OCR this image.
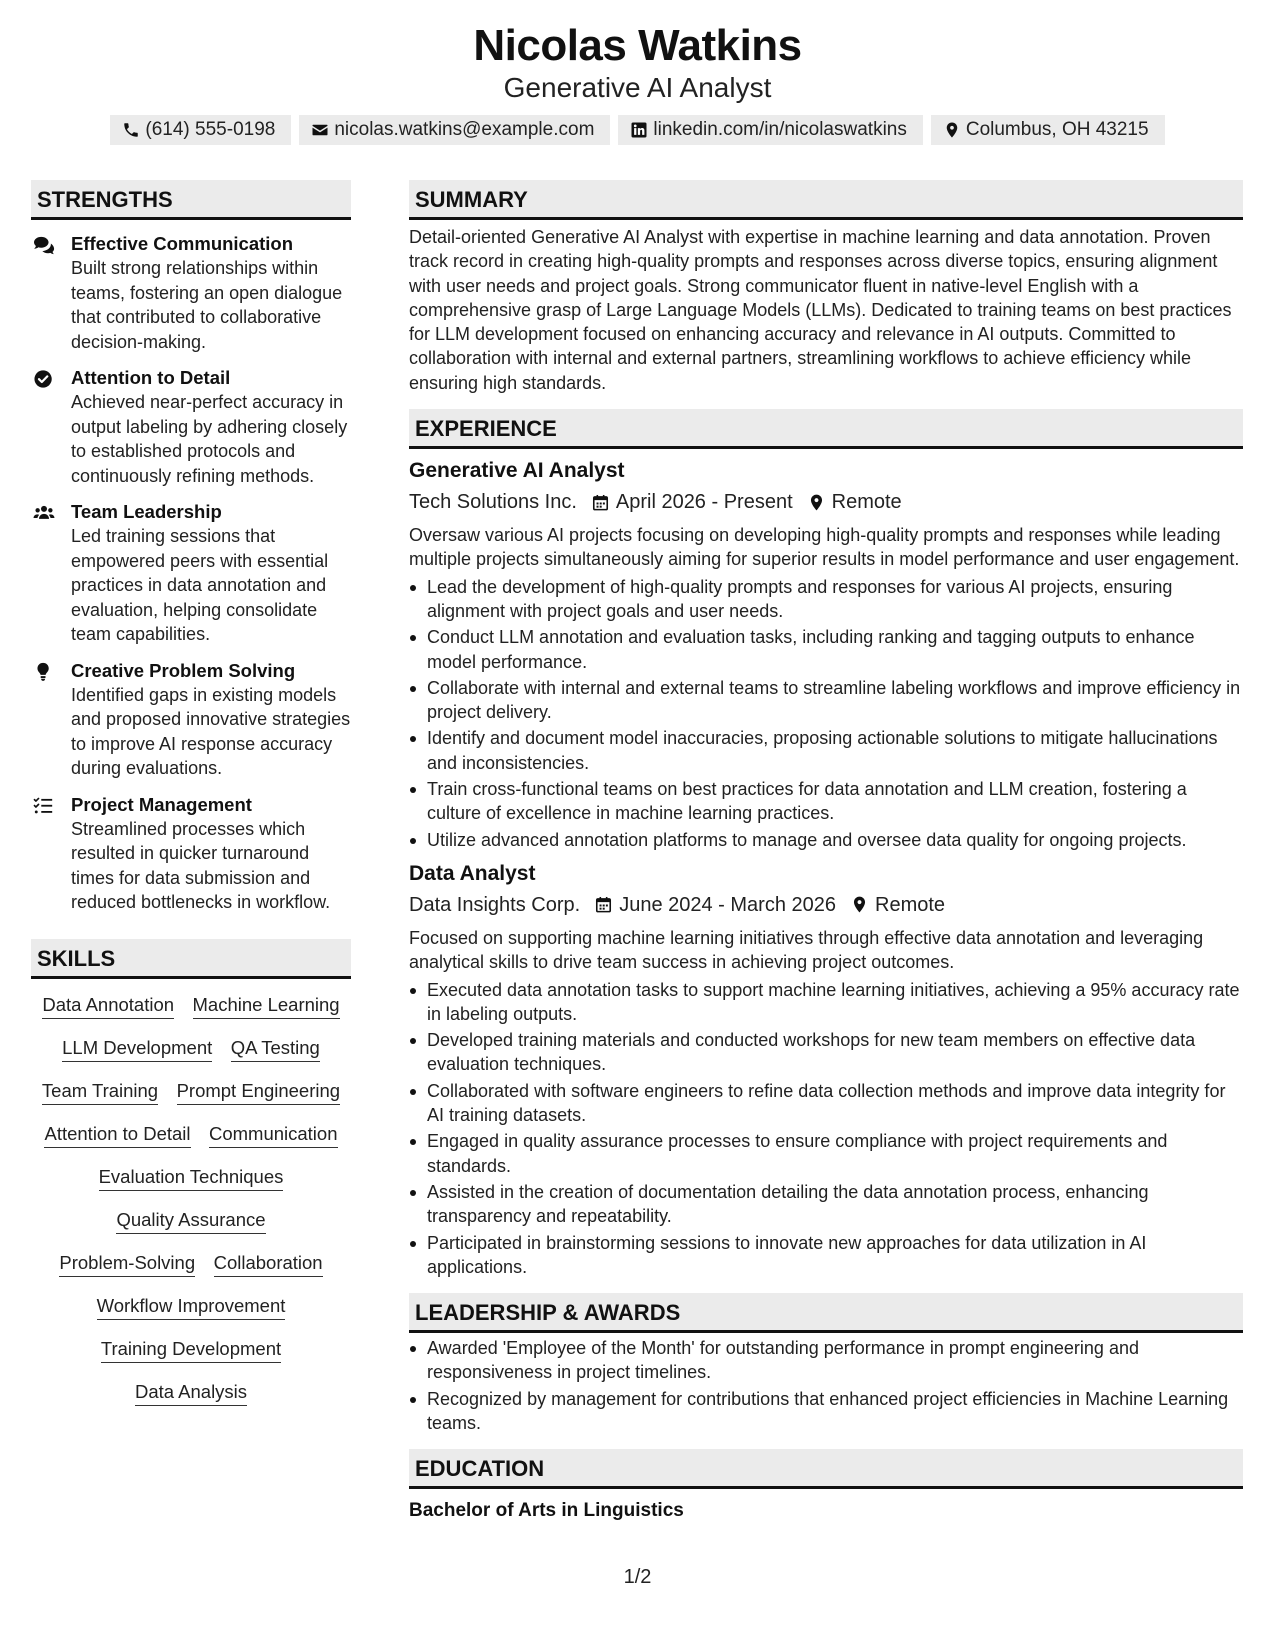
Nicolas Watkins
Generative AI Analyst
(614) 555-0198	nicolas.watkins@example.com	linkedin.com/in/nicolaswatkins	Columbus, OH 43215
STRENGTHS
Effective Communication
Built strong relationships within teams, fostering an open dialogue that contributed to collaborative decision-making.
Attention to Detail
Achieved near-perfect accuracy in output labeling by adhering closely to established protocols and continuously refining methods.
Team Leadership
Led training sessions that empowered peers with essential practices in data annotation and evaluation, helping consolidate team capabilities.
Creative Problem Solving
Identified gaps in existing models and proposed innovative strategies to improve AI response accuracy during evaluations.
Project Management
Streamlined processes which resulted in quicker turnaround times for data submission and reduced bottlenecks in workflow.
SKILLS
Data Annotation Machine Learning LLM Development QA Testing Team Training Prompt Engineering Attention to Detail Communication Evaluation Techniques Quality Assurance Problem-Solving Collaboration Workflow Improvement Training Development Data Analysis
SUMMARY
Detail-oriented Generative AI Analyst with expertise in machine learning and data annotation. Proven track record in creating high-quality prompts and responses across diverse topics, ensuring alignment with user needs and project goals. Strong communicator fluent in native-level English with a comprehensive grasp of Large Language Models (LLMs). Dedicated to training teams on best practices for LLM development focused on enhancing accuracy and relevance in AI outputs. Committed to collaboration with internal and external partners, streamlining workflows to achieve efficiency while ensuring high standards.
EXPERIENCE
Generative AI Analyst
Tech Solutions Inc. April 2026 - Present Remote
Oversaw various AI projects focusing on developing high-quality prompts and responses while leading multiple projects simultaneously aiming for superior results in model performance and user engagement.
Lead the development of high-quality prompts and responses for various AI projects, ensuring alignment with project goals and user needs.
Conduct LLM annotation and evaluation tasks, including ranking and tagging outputs to enhance model performance.
Collaborate with internal and external teams to streamline labeling workflows and improve efficiency in project delivery.
Identify and document model inaccuracies, proposing actionable solutions to mitigate hallucinations and inconsistencies.
Train cross-functional teams on best practices for data annotation and LLM creation, fostering a culture of excellence in machine learning practices.
Utilize advanced annotation platforms to manage and oversee data quality for ongoing projects.
Data Analyst
Data Insights Corp. June 2024 - March 2026 Remote
Focused on supporting machine learning initiatives through effective data annotation and leveraging analytical skills to drive team success in achieving project outcomes.
Executed data annotation tasks to support machine learning initiatives, achieving a 95% accuracy rate in labeling outputs.
Developed training materials and conducted workshops for new team members on effective data evaluation techniques.
Collaborated with software engineers to refine data collection methods and improve data integrity for AI training datasets.
Engaged in quality assurance processes to ensure compliance with project requirements and standards.
Assisted in the creation of documentation detailing the data annotation process, enhancing transparency and repeatability.
Participated in brainstorming sessions to innovate new approaches for data utilization in AI applications.
LEADERSHIP & AWARDS
Awarded 'Employee of the Month' for outstanding performance in prompt engineering and responsiveness in project timelines.
Recognized by management for contributions that enhanced project efficiencies in Machine Learning teams.
EDUCATION
Bachelor of Arts in Linguistics
1/2
